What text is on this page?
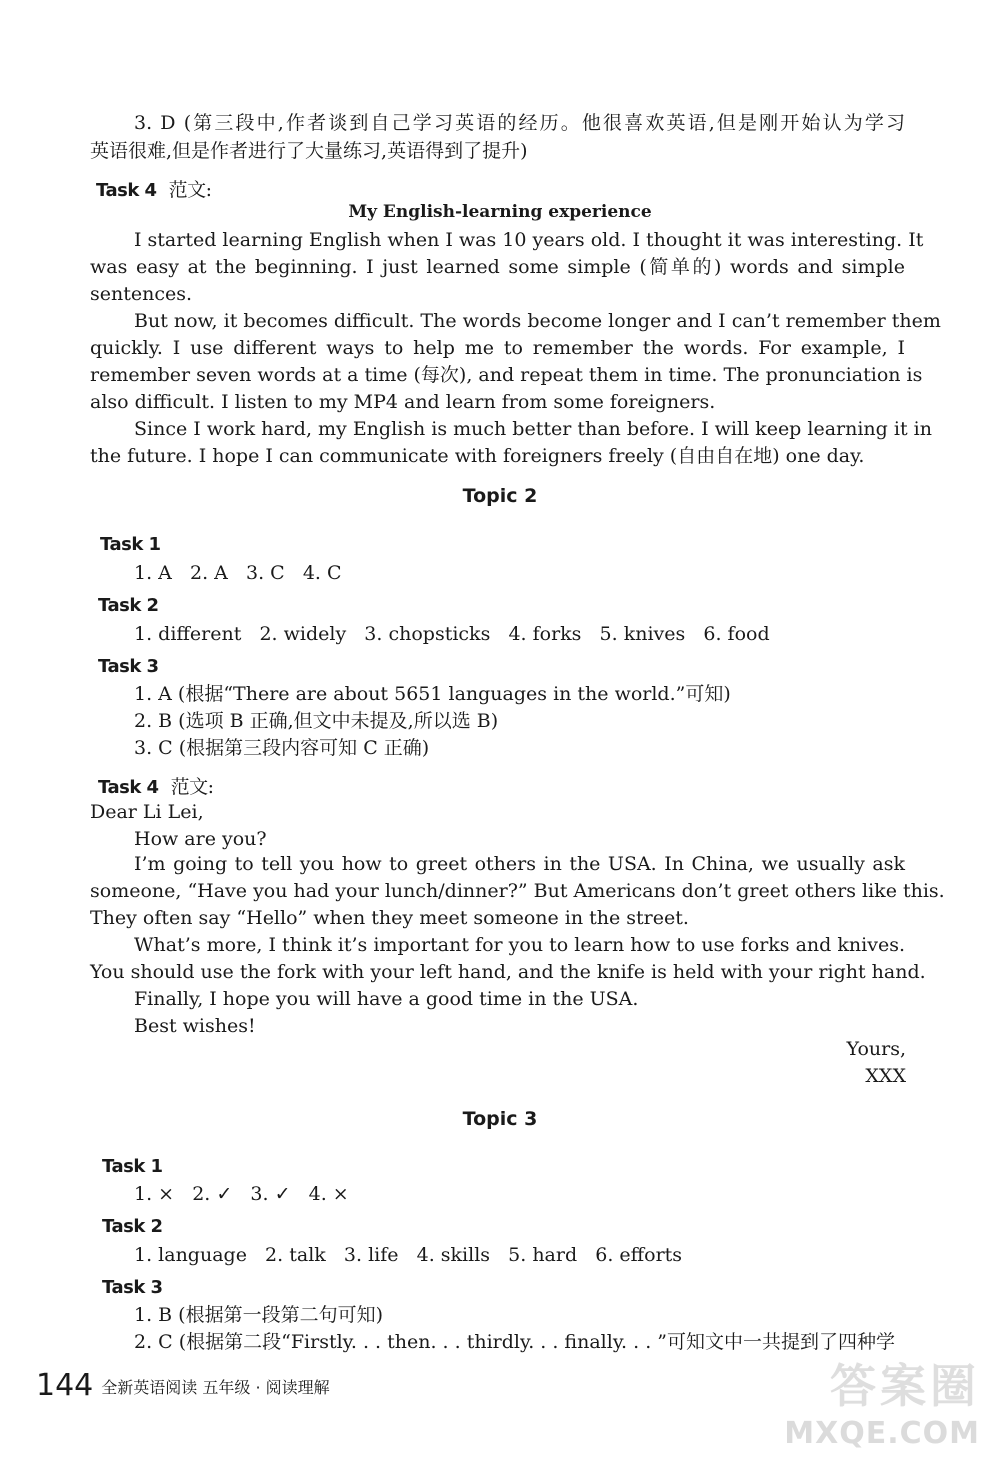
3. D (第三段中,作者谈到自己学习英语的经历。他很喜欢英语,但是刚开始认为学习
英语很难,但是作者进行了大量练习,英语得到了提升)
Task 4 范文:
My English-learning experience
I started learning English when I was 10 years old. I thought it was interesting. It
was easy at the beginning. I just learned some simple (简单的) words and simple
sentences.
But now, it becomes difficult. The words become longer and I can’t remember them
quickly. I use different ways to help me to remember the words. For example, I
remember seven words at a time (每次), and repeat them in time. The pronunciation is
also difficult. I listen to my MP4 and learn from some foreigners.
Since I work hard, my English is much better than before. I will keep learning it in
the future. I hope I can communicate with foreigners freely (自由自在地) one day.
Topic 2
Task 1
1. A   2. A   3. C   4. C
Task 2
1. different   2. widely   3. chopsticks   4. forks   5. knives   6. food
Task 3
1. A (根据“There are about 5651 languages in the world.”可知)
2. B (选项 B 正确,但文中未提及,所以选 B)
3. C (根据第三段内容可知 C 正确)
Task 4 范文:
Dear Li Lei,
How are you?
I’m going to tell you how to greet others in the USA. In China, we usually ask
someone, “Have you had your lunch/dinner?” But Americans don’t greet others like this.
They often say “Hello” when they meet someone in the street.
What’s more, I think it’s important for you to learn how to use forks and knives.
You should use the fork with your left hand, and the knife is held with your right hand.
Finally, I hope you will have a good time in the USA.
Best wishes!
Yours,
XXX
Topic 3
Task 1
1. ×   2. ✓   3. ✓   4. ×
Task 2
1. language   2. talk   3. life   4. skills   5. hard   6. efforts
Task 3
1. B (根据第一段第二句可知)
2. C (根据第二段“Firstly. . . then. . . thirdly. . . finally. . . ”可知文中一共提到了四种学
144 全新英语阅读 五年级 · 阅读理解	答案圈
MXQE.COM
